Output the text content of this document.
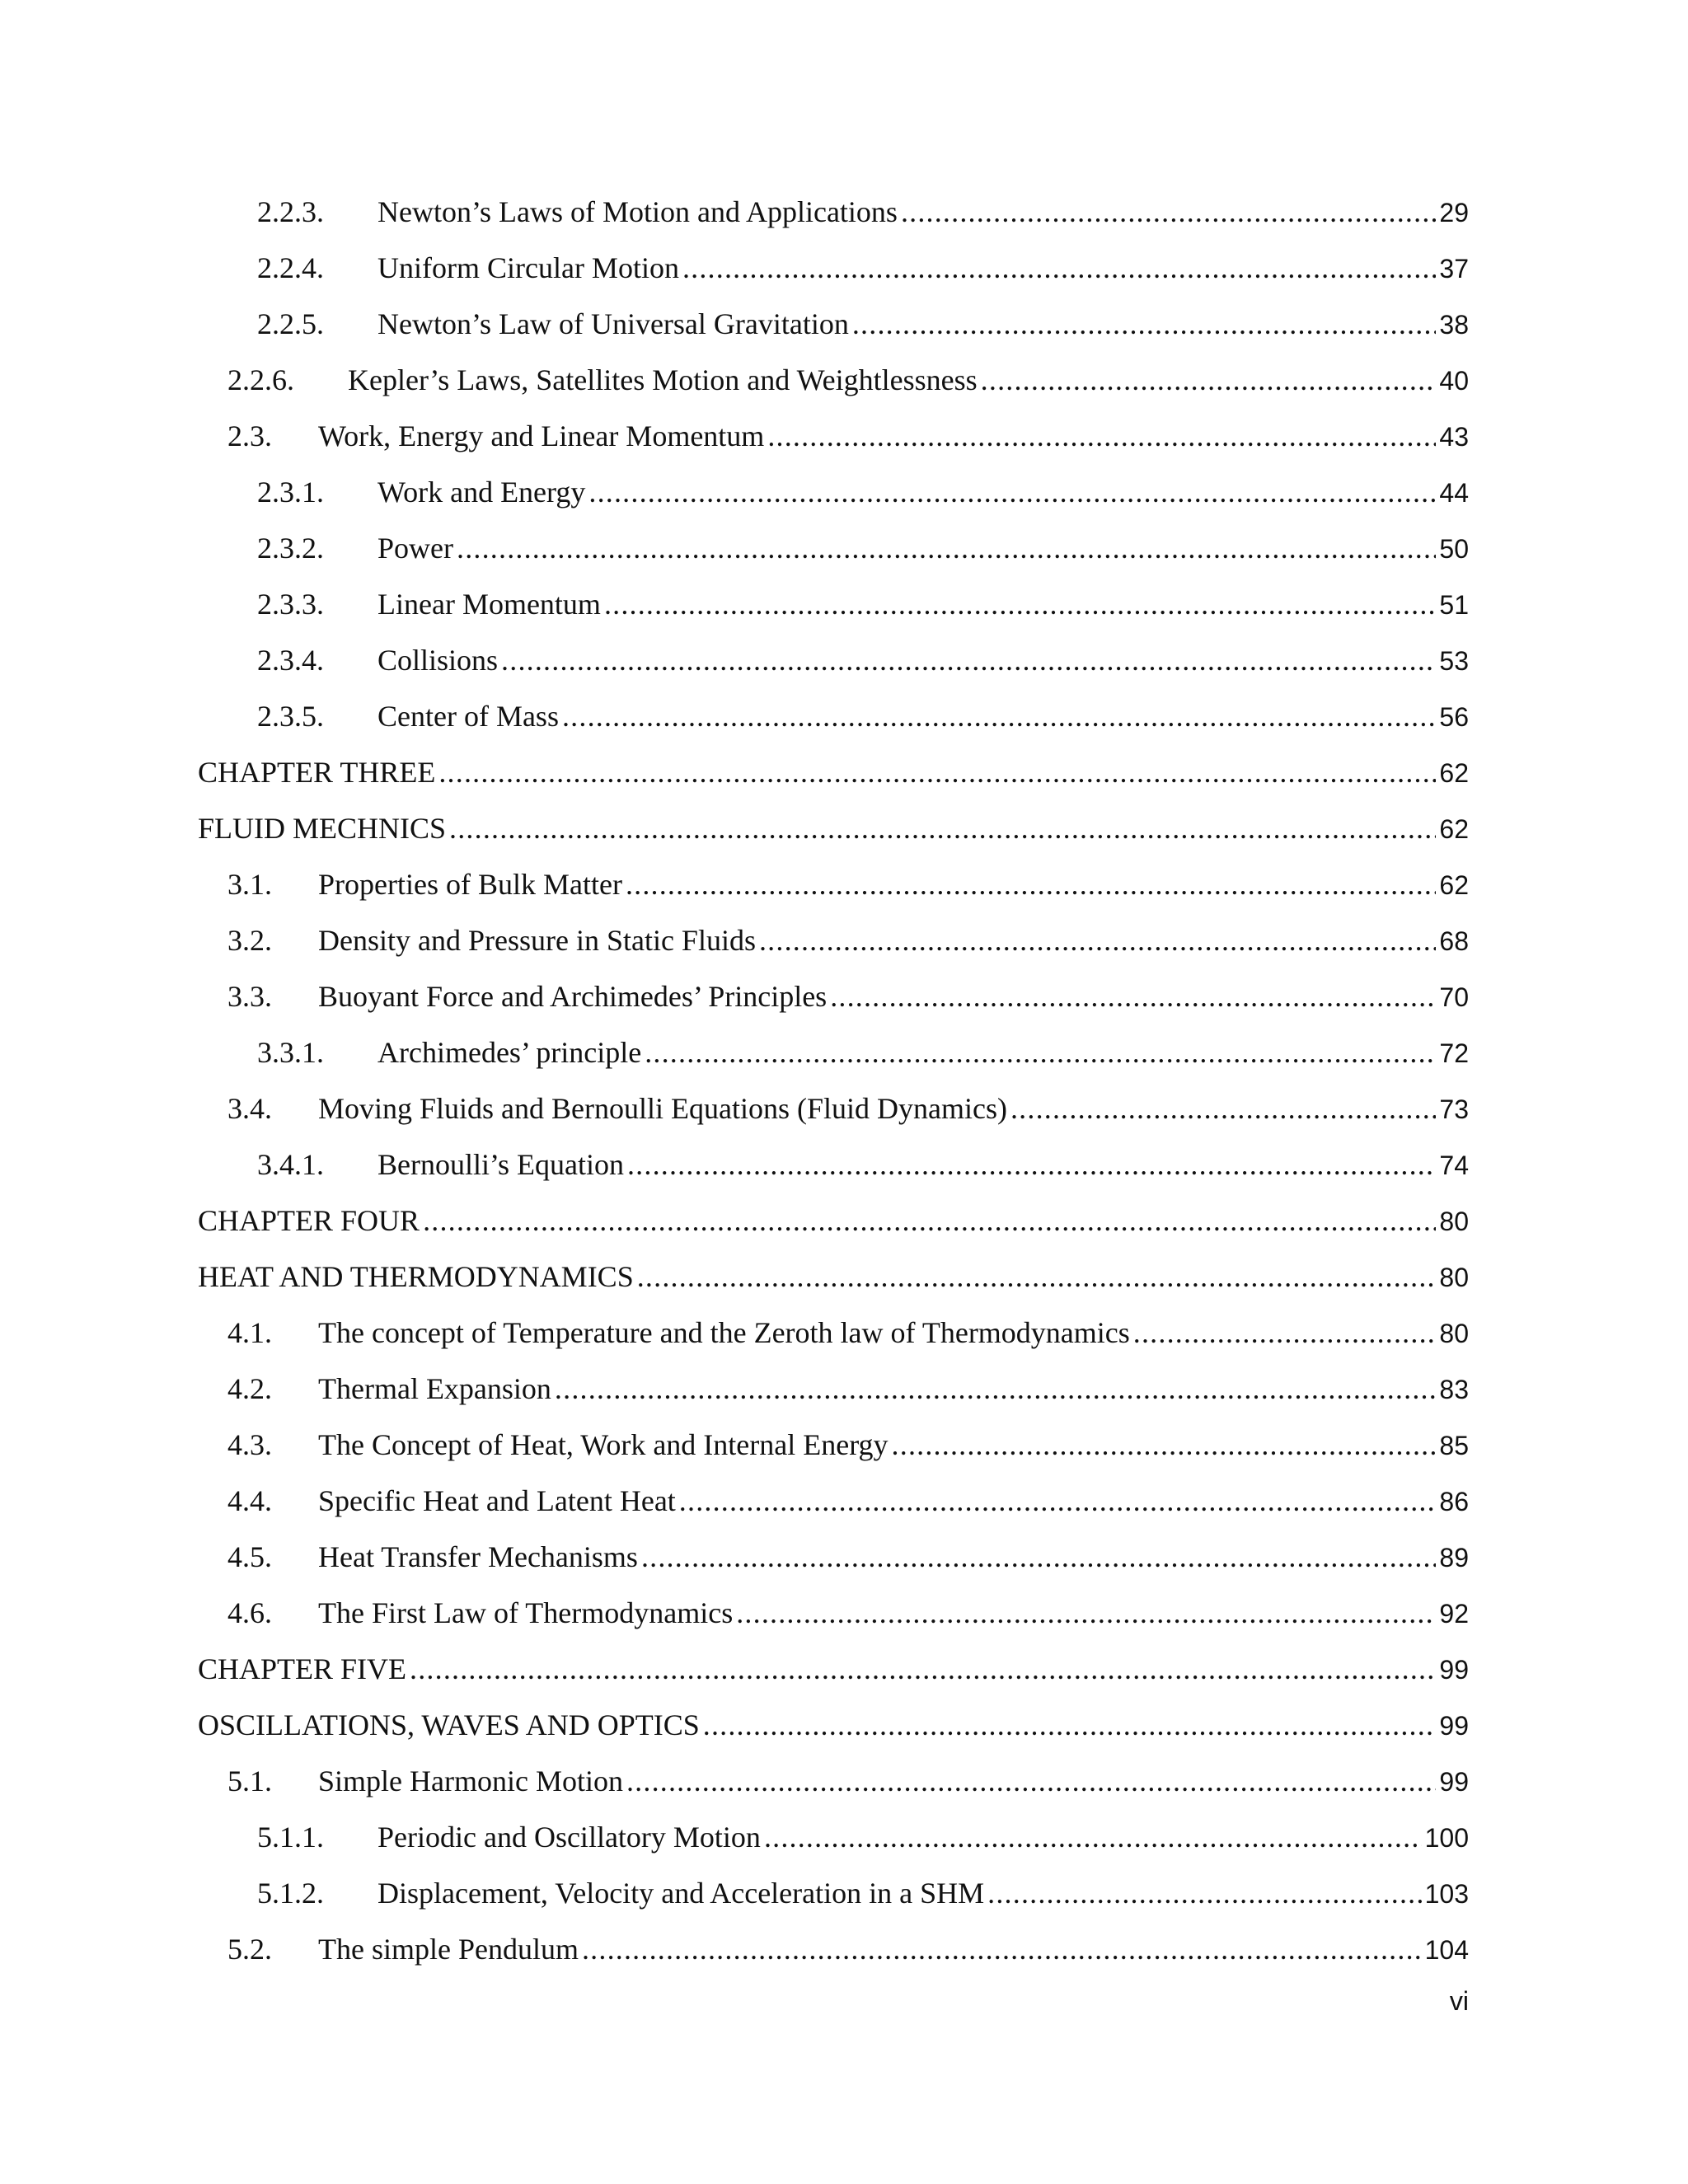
2.2.3.	Newton’s Laws of Motion and Applications .....	29
2.2.4.	Uniform Circular Motion .....	37
2.2.5.	Newton’s Law of Universal Gravitation .....	38
2.2.6.	Kepler’s Laws, Satellites Motion and Weightlessness .....	40
2.3.	Work, Energy and Linear Momentum .....	43
2.3.1.	Work and Energy .....	44
2.3.2.	Power .....	50
2.3.3.	Linear Momentum .....	51
2.3.4.	Collisions .....	53
2.3.5.	Center of Mass .....	56
CHAPTER THREE .....	62
FLUID MECHNICS .....	62
3.1.	Properties of Bulk Matter .....	62
3.2.	Density and Pressure in Static Fluids .....	68
3.3.	Buoyant Force and Archimedes’ Principles .....	70
3.3.1.	Archimedes’ principle .....	72
3.4.	Moving Fluids and Bernoulli Equations (Fluid Dynamics) .....	73
3.4.1.	Bernoulli’s Equation .....	74
CHAPTER FOUR .....	80
HEAT AND THERMODYNAMICS .....	80
4.1.	The concept of Temperature and the Zeroth law of Thermodynamics .....	80
4.2.	Thermal Expansion .....	83
4.3.	The Concept of Heat, Work and Internal Energy .....	85
4.4.	Specific Heat and Latent Heat .....	86
4.5.	Heat Transfer Mechanisms .....	89
4.6.	The First Law of Thermodynamics .....	92
CHAPTER FIVE .....	99
OSCILLATIONS, WAVES AND OPTICS .....	99
5.1.	Simple Harmonic Motion .....	99
5.1.1.	Periodic and Oscillatory Motion .....	100
5.1.2.	Displacement, Velocity and Acceleration in a SHM .....	103
5.2.	The simple Pendulum .....	104
vi
